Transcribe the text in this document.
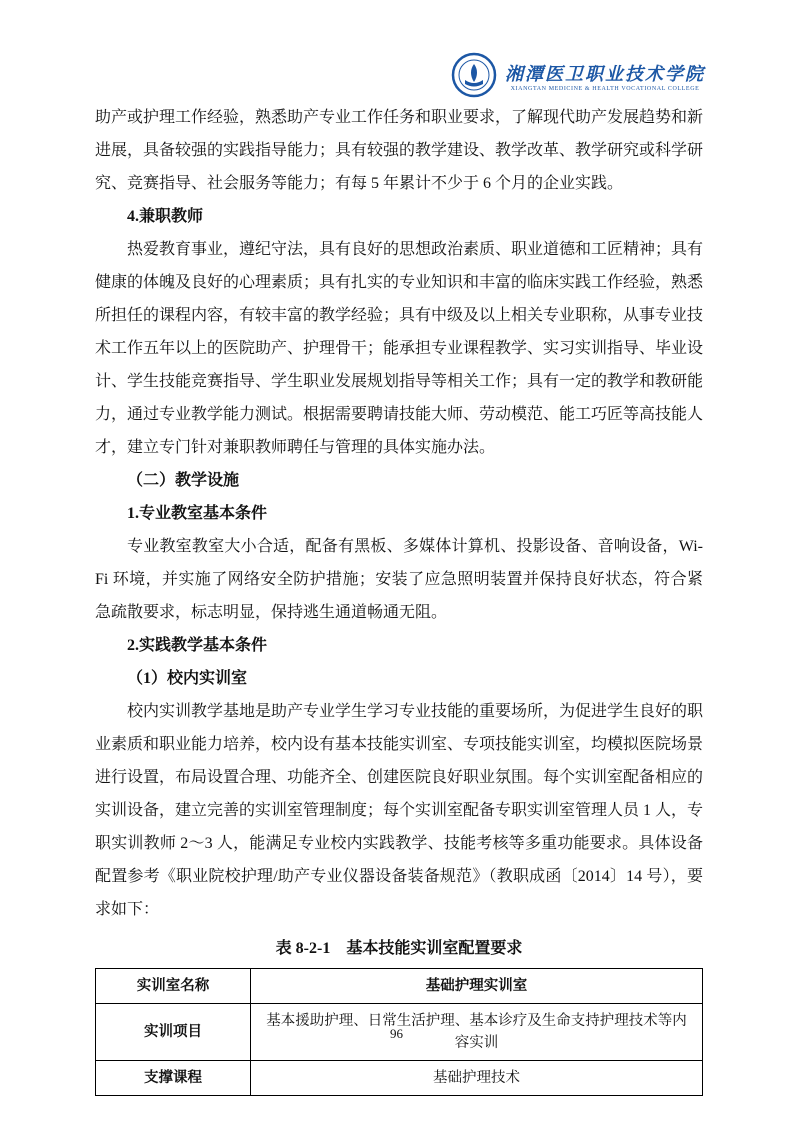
湘潭医卫职业技术学院
XIANGTAN MEDICINE & HEALTH VOCATIONAL COLLEGE

助产或护理工作经验，熟悉助产专业工作任务和职业要求，了解现代助产发展趋势和新进展，具备较强的实践指导能力；具有较强的教学建设、教学改革、教学研究或科学研究、竞赛指导、社会服务等能力；有每 5 年累计不少于 6 个月的企业实践。

4.兼职教师

热爱教育事业，遵纪守法，具有良好的思想政治素质、职业道德和工匠精神；具有健康的体魄及良好的心理素质；具有扎实的专业知识和丰富的临床实践工作经验，熟悉所担任的课程内容，有较丰富的教学经验；具有中级及以上相关专业职称，从事专业技术工作五年以上的医院助产、护理骨干；能承担专业课程教学、实习实训指导、毕业设计、学生技能竞赛指导、学生职业发展规划指导等相关工作；具有一定的教学和教研能力，通过专业教学能力测试。根据需要聘请技能大师、劳动模范、能工巧匠等高技能人才，建立专门针对兼职教师聘任与管理的具体实施办法。

（二）教学设施

1.专业教室基本条件

专业教室教室大小合适，配备有黑板、多媒体计算机、投影设备、音响设备，Wi-Fi 环境，并实施了网络安全防护措施；安装了应急照明装置并保持良好状态，符合紧急疏散要求，标志明显，保持逃生通道畅通无阻。

2.实践教学基本条件

（1）校内实训室

校内实训教学基地是助产专业学生学习专业技能的重要场所，为促进学生良好的职业素质和职业能力培养，校内设有基本技能实训室、专项技能实训室，均模拟医院场景进行设置，布局设置合理、功能齐全、创建医院良好职业氛围。每个实训室配备相应的实训设备，建立完善的实训室管理制度；每个实训室配备专职实训室管理人员 1 人，专职实训教师 2～3 人，能满足专业校内实践教学、技能考核等多重功能要求。具体设备配置参考《职业院校护理/助产专业仪器设备装备规范》（教职成函〔2014〕14 号），要求如下：

表 8-2-1　基本技能实训室配置要求
实训室名称	基础护理实训室
实训项目	基本援助护理、日常生活护理、基本诊疗及生命支持护理技术等内容实训
支撑课程	基础护理技术
96
